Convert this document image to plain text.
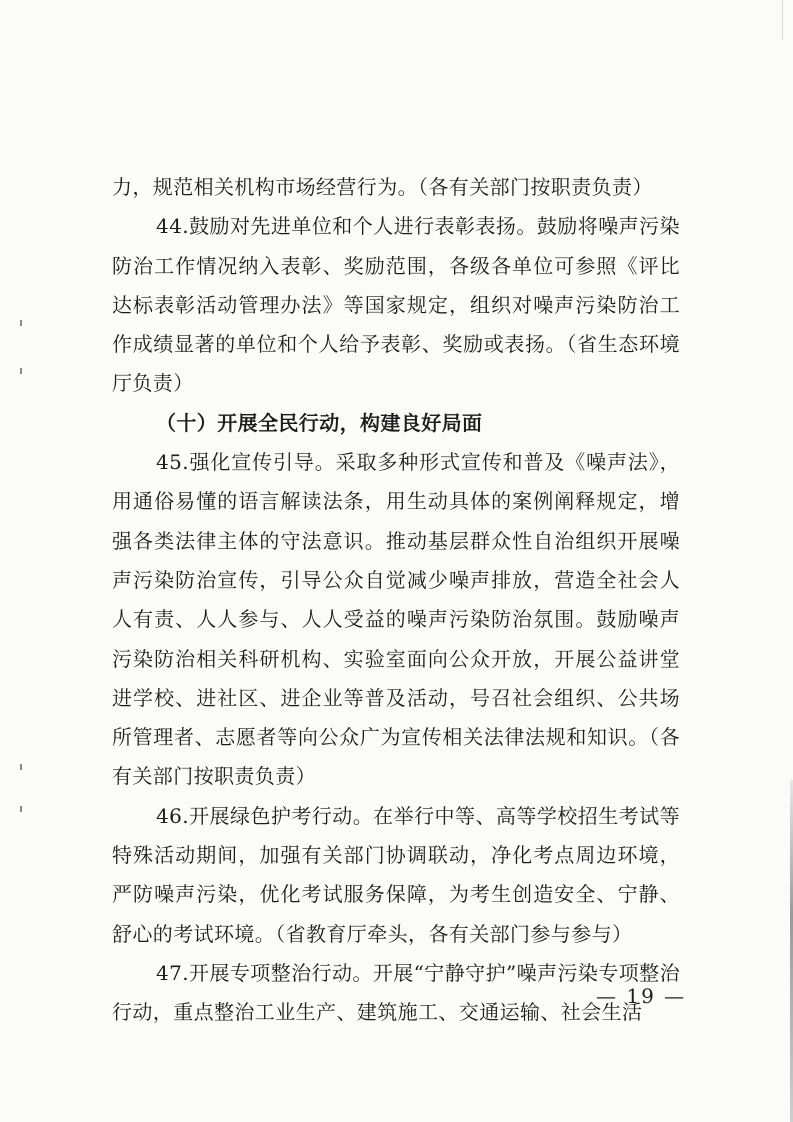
力，规范相关机构市场经营行为。（各有关部门按职责负责）

44.鼓励对先进单位和个人进行表彰表扬。鼓励将噪声污染防治工作情况纳入表彰、奖励范围，各级各单位可参照《评比达标表彰活动管理办法》等国家规定，组织对噪声污染防治工作成绩显著的单位和个人给予表彰、奖励或表扬。（省生态环境厅负责）

（十）开展全民行动，构建良好局面

45.强化宣传引导。采取多种形式宣传和普及《噪声法》，用通俗易懂的语言解读法条，用生动具体的案例阐释规定，增强各类法律主体的守法意识。推动基层群众性自治组织开展噪声污染防治宣传，引导公众自觉减少噪声排放，营造全社会人人有责、人人参与、人人受益的噪声污染防治氛围。鼓励噪声污染防治相关科研机构、实验室面向公众开放，开展公益讲堂进学校、进社区、进企业等普及活动，号召社会组织、公共场所管理者、志愿者等向公众广为宣传相关法律法规和知识。（各有关部门按职责负责）

46.开展绿色护考行动。在举行中等、高等学校招生考试等特殊活动期间，加强有关部门协调联动，净化考点周边环境，严防噪声污染，优化考试服务保障，为考生创造安全、宁静、舒心的考试环境。（省教育厅牵头，各有关部门参与参与）

47.开展专项整治行动。开展“宁静守护”噪声污染专项整治行动，重点整治工业生产、建筑施工、交通运输、社会生活

— 19 —
